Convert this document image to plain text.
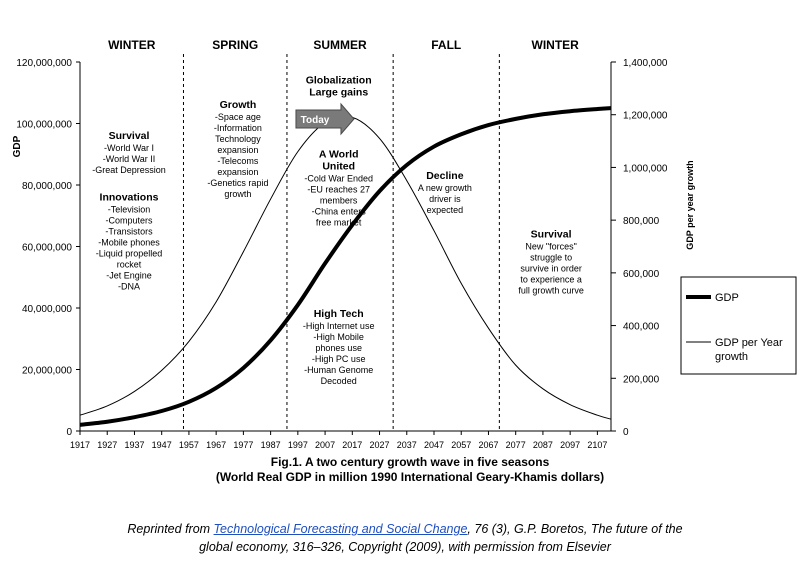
1917 1927 1937 1947 1957 1967 1977 1987 1997 2007 2017 2027 2037 2047 2057 2067 2077 2087 2097 2107
0
20,000,000
40,000,000
60,000,000
80,000,000
100,000,000
120,000,000
0
200,000
400,000
600,000
800,000
1,000,000
1,200,000
1,400,000
GDP
GDP per year growth
WINTER	SPRING	SUMMER	FALL	WINTER
Today
Survival
-World War I
-World War II
-Great Depression
Innovations
-Television
-Computers
-Transistors
-Mobile phones
-Liquid propelled
rocket
-Jet Engine
-DNA
Growth
-Space age
-Information
Technology
expansion
-Telecoms
expansion
-Genetics rapid
growth
Globalization
Large gains
A World
United
-Cold War Ended
-EU reaches 27
members
-China enters
free market
High Tech
-High Internet use
-High Mobile
phones use
-High PC use
-Human Genome
Decoded
Decline
A new growth
driver is
expected
Survival
New "forces"
struggle to
survive in order
to experience a
full growth curve
GDP
GDP per Year
growth
Fig.1. A two century growth wave in five seasons
(World Real GDP in million 1990 International Geary-Khamis dollars)
Reprinted from Technological Forecasting and Social Change, 76 (3), G.P. Boretos, The future of the
global economy, 316–326, Copyright (2009), with permission from Elsevier
